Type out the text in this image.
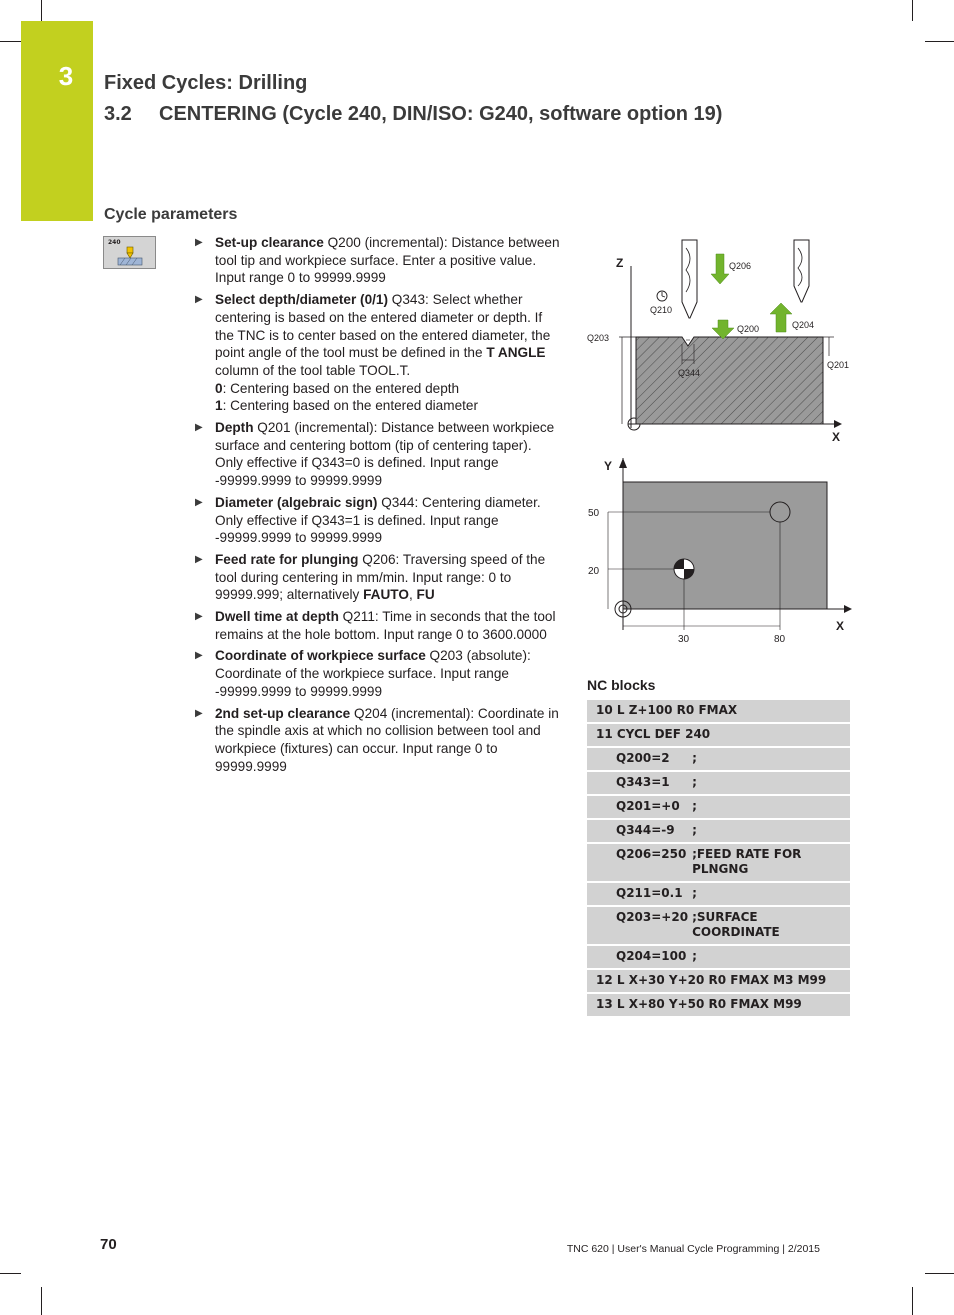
3	Fixed Cycles: Drilling
3.2 CENTERING (Cycle 240, DIN/ISO: G240, software option 19)
Cycle parameters
240	▶ Set-up clearance Q200 (incremental): Distance between tool tip and workpiece surface. Enter a positive value. Input range 0 to 99999.9999
▶ Select depth/diameter (0/1) Q343: Select whether centering is based on the entered diameter or depth. If the TNC is to center based on the entered diameter, the point angle of the tool must be defined in the T ANGLE column of the tool table TOOL.T.
0: Centering based on the entered depth
1: Centering based on the entered diameter
▶ Depth Q201 (incremental): Distance between workpiece surface and centering bottom (tip of centering taper). Only effective if Q343=0 is defined. Input range -99999.9999 to 99999.9999
▶ Diameter (algebraic sign) Q344: Centering diameter. Only effective if Q343=1 is defined. Input range -99999.9999 to 99999.9999
▶ Feed rate for plunging Q206: Traversing speed of the tool during centering in mm/min. Input range: 0 to 99999.999; alternatively FAUTO, FU
▶ Dwell time at depth Q211: Time in seconds that the tool remains at the hole bottom. Input range 0 to 3600.0000
▶ Coordinate of workpiece surface Q203 (absolute): Coordinate of the workpiece surface. Input range -99999.9999 to 99999.9999
▶ 2nd set-up clearance Q204 (incremental): Coordinate in the spindle axis at which no collision between tool and workpiece (fixtures) can occur. Input range 0 to 99999.9999
Z
X
Q206
Q200	Q204
Q210
Q203
Q201
Q344
Y
X
50
20
30	80
NC blocks
10 L Z+100 R0 FMAX	
11 CYCL DEF 240	
Q200=2	;
Q343=1	;
Q201=+0	;
Q344=-9	;
Q206=250	;FEED RATE FOR PLNGNG
Q211=0.1	;
Q203=+20	;SURFACE COORDINATE
Q204=100	;
12 L X+30 Y+20 R0 FMAX M3 M99	
13 L X+80 Y+50 R0 FMAX M99	
70	TNC 620 | User's Manual Cycle Programming | 2/2015
